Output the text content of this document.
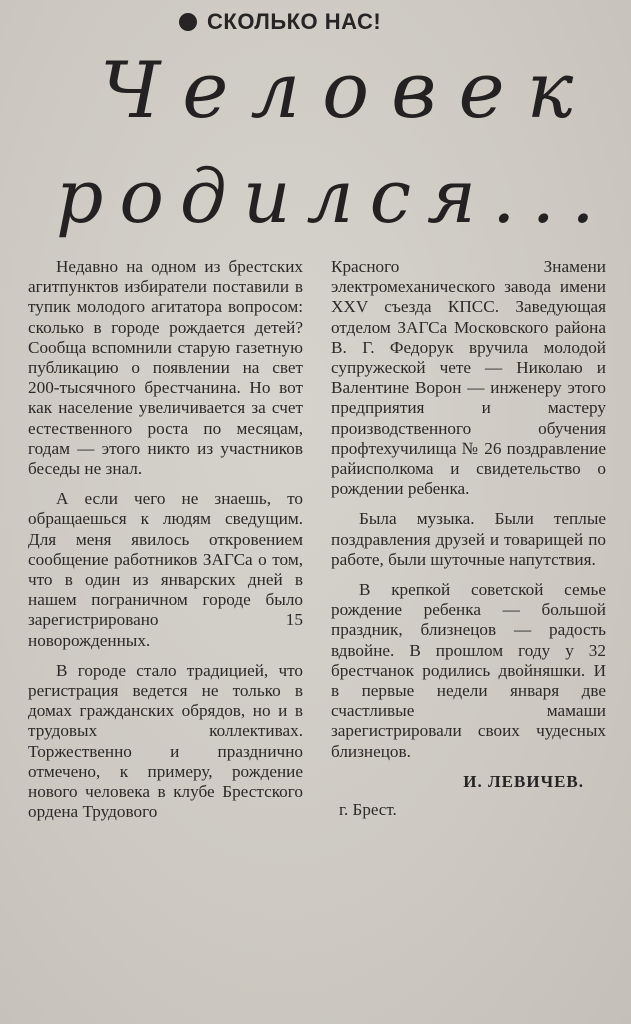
СКОЛЬКО НАС!
Человек
родился...

Недавно на одном из брестских агитпунктов избиратели поставили в тупик молодого агитатора вопросом: сколько в городе рождается детей? Сообща вспомнили старую газетную публикацию о появлении на свет 200-тысячного брестчанина. Но вот как население увеличивается за счет естественного роста по месяцам, годам — этого никто из участников беседы не знал.

А если чего не знаешь, то обращаешься к людям сведущим. Для меня явилось откровением сообщение работников ЗАГСа о том, что в один из январских дней в нашем пограничном городе было зарегистрировано 15 новорожденных.

В городе стало традицией, что регистрация ведется не только в домах гражданских обрядов, но и в трудовых коллективах. Торжественно и празднично отмечено, к примеру, рождение нового человека в клубе Брестского ордена Трудового

Красного Знамени электромеханического завода имени XXV съезда КПСС. Заведующая отделом ЗАГСа Московского района В. Г. Федорук вручила молодой супружеской чете — Николаю и Валентине Ворон — инженеру этого предприятия и мастеру производственного обучения профтехучилища № 26 поздравление райисполкома и свидетельство о рождении ребенка.

Была музыка. Были теплые поздравления друзей и товарищей по работе, были шуточные напутствия.

В крепкой советской семье рождение ребенка — большой праздник, близнецов — радость вдвойне. В прошлом году у 32 брестчанок родились двойняшки. И в первые недели января две счастливые мамаши зарегистрировали своих чудесных близнецов.

И. ЛЕВИЧЕВ.
г. Брест.
